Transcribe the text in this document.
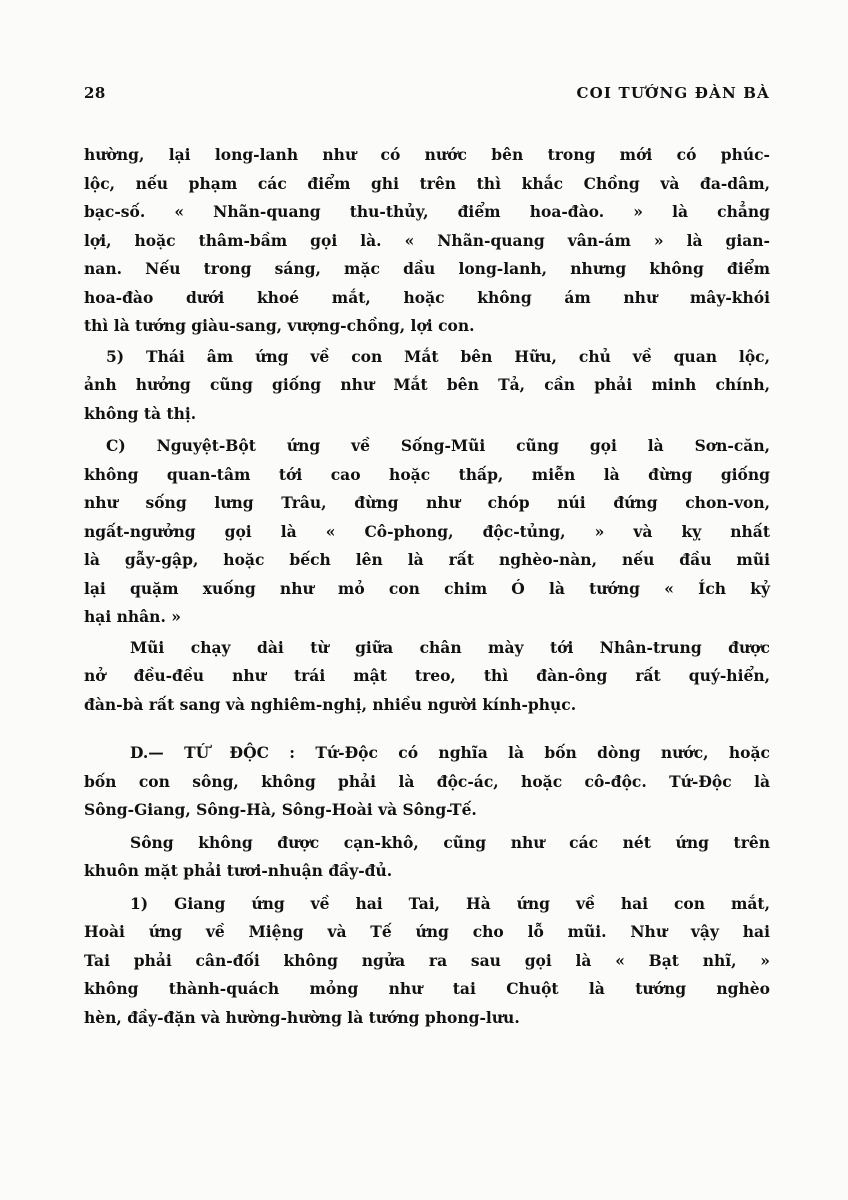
28	COI TƯỚNG ĐÀN BÀ
hường, lại long-lanh như có nước bên trong mới có phúc-
lộc, nếu phạm các điểm ghi trên thì khắc Chồng và đa-dâm,
bạc-số. « Nhãn-quang thu-thủy, điểm hoa-đào. » là chẳng
lợi, hoặc thâm-bầm gọi là. « Nhãn-quang vân-ám » là gian-
nan. Nếu trong sáng, mặc dầu long-lanh, nhưng không điểm
hoa-đào dưới khoé mắt, hoặc không ám như mây-khói
thì là tướng giàu-sang, vượng-chồng, lợi con.
5) Thái âm ứng về con Mắt bên Hữu, chủ về quan lộc,
ảnh hưởng cũng giống như Mắt bên Tả, cần phải minh chính,
không tà thị.
C) Nguyệt-Bột ứng về Sống-Mũi cũng gọi là Sơn-căn,
không quan-tâm tới cao hoặc thấp, miễn là đừng giống
như sống lưng Trâu, đừng như chóp núi đứng chon-von,
ngất-ngưởng gọi là « Cô-phong, độc-tủng, » và kỵ nhất
là gẫy-gập, hoặc bếch lên là rất nghèo-nàn, nếu đầu mũi
lại quặm xuống như mỏ con chim Ó là tướng « Ích kỷ
hại nhân. »
Mũi chạy dài từ giữa chân mày tới Nhân-trung được
nở đều-đều như trái mật treo, thì đàn-ông rất quý-hiển,
đàn-bà rất sang và nghiêm-nghị, nhiều người kính-phục.
D.— TỨ ĐỘC : Tứ-Độc có nghĩa là bốn dòng nước, hoặc
bốn con sông, không phải là độc-ác, hoặc cô-độc. Tứ-Độc là
Sông-Giang, Sông-Hà, Sông-Hoài và Sông-Tế.
Sông không được cạn-khô, cũng như các nét ứng trên
khuôn mặt phải tươi-nhuận đầy-đủ.
1) Giang ứng về hai Tai, Hà ứng về hai con mắt,
Hoài ứng về Miệng và Tế ứng cho lỗ mũi. Như vậy hai
Tai phải cân-đối không ngửa ra sau gọi là « Bạt nhĩ, »
không thành-quách mỏng như tai Chuột là tướng nghèo
hèn, đầy-đặn và hường-hường là tướng phong-lưu.
